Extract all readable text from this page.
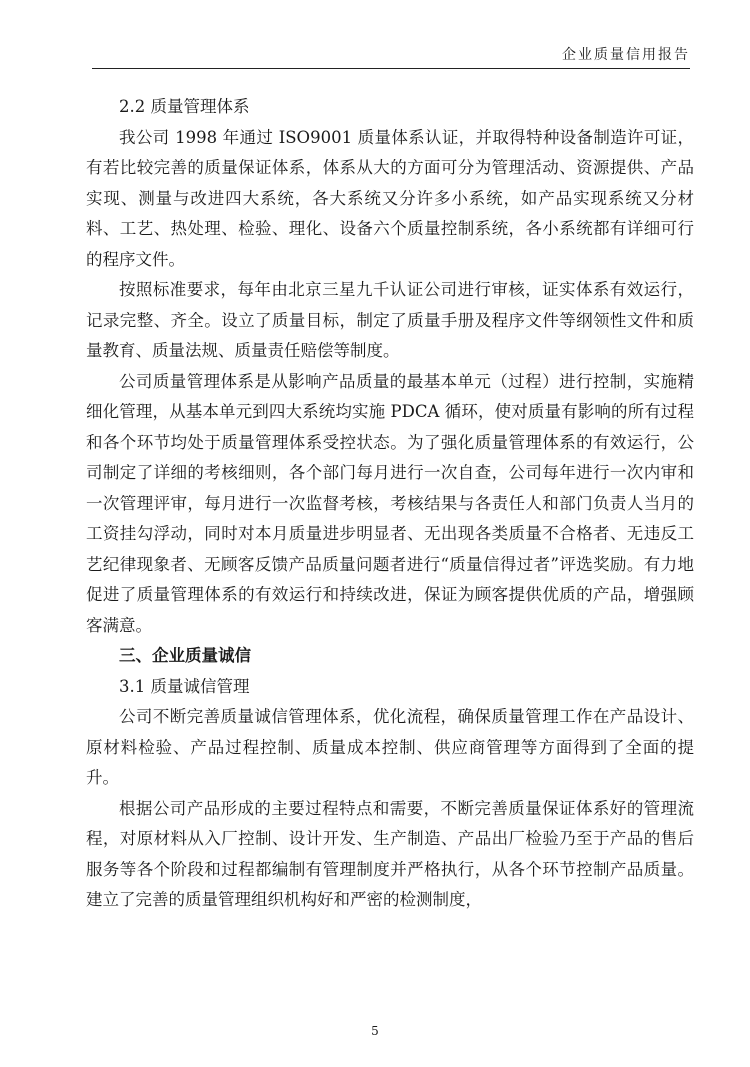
企业质量信用报告

2.2 质量管理体系

我公司 1998 年通过 ISO9001 质量体系认证，并取得特种设备制造许可证，有若比较完善的质量保证体系，体系从大的方面可分为管理活动、资源提供、产品实现、测量与改进四大系统，各大系统又分许多小系统，如产品实现系统又分材料、工艺、热处理、检验、理化、设备六个质量控制系统，各小系统都有详细可行的程序文件。

按照标准要求，每年由北京三星九千认证公司进行审核，证实体系有效运行，记录完整、齐全。设立了质量目标，制定了质量手册及程序文件等纲领性文件和质量教育、质量法规、质量责任赔偿等制度。

公司质量管理体系是从影响产品质量的最基本单元（过程）进行控制，实施精细化管理，从基本单元到四大系统均实施 PDCA 循环，使对质量有影响的所有过程和各个环节均处于质量管理体系受控状态。为了强化质量管理体系的有效运行，公司制定了详细的考核细则，各个部门每月进行一次自查，公司每年进行一次内审和一次管理评审，每月进行一次监督考核，考核结果与各责任人和部门负责人当月的工资挂勾浮动，同时对本月质量进步明显者、无出现各类质量不合格者、无违反工艺纪律现象者、无顾客反馈产品质量问题者进行“质量信得过者”评选奖励。有力地促进了质量管理体系的有效运行和持续改进，保证为顾客提供优质的产品，增强顾客满意。

三、企业质量诚信

3.1 质量诚信管理

公司不断完善质量诚信管理体系，优化流程，确保质量管理工作在产品设计、原材料检验、产品过程控制、质量成本控制、供应商管理等方面得到了全面的提升。

根据公司产品形成的主要过程特点和需要，不断完善质量保证体系好的管理流程，对原材料从入厂控制、设计开发、生产制造、产品出厂检验乃至于产品的售后服务等各个阶段和过程都编制有管理制度并严格执行，从各个环节控制产品质量。建立了完善的质量管理组织机构好和严密的检测制度，

5
